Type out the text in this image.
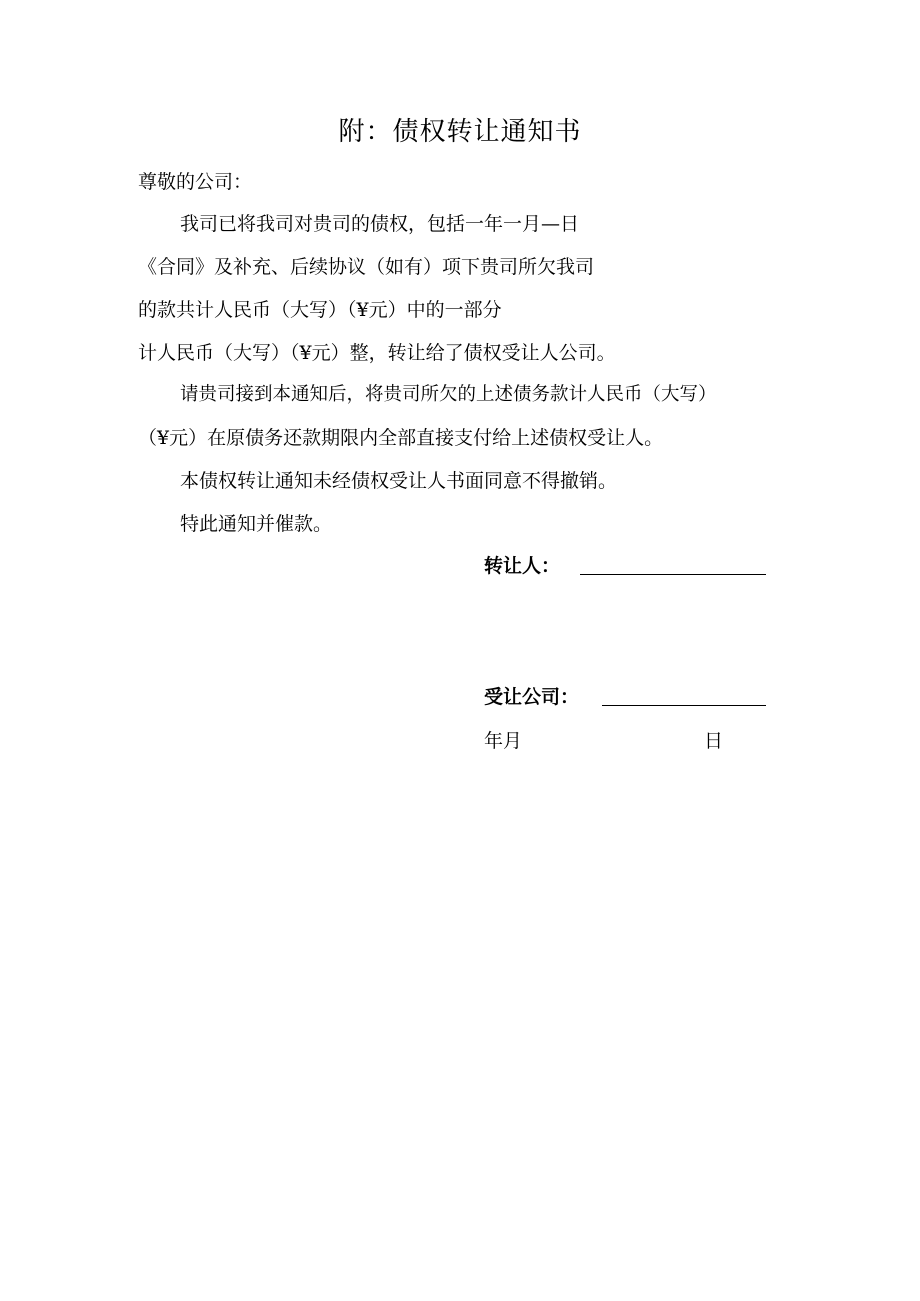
附：债权转让通知书
尊敬的公司：
我司已将我司对贵司的债权，包括一年一月—日
《合同》及补充、后续协议（如有）项下贵司所欠我司
的款共计人民币（大写）（¥元）中的一部分
计人民币（大写）（¥元）整，转让给了债权受让人公司。
请贵司接到本通知后，将贵司所欠的上述债务款计人民币（大写）
（¥元）在原债务还款期限内全部直接支付给上述债权受让人。
本债权转让通知未经债权受让人书面同意不得撤销。
特此通知并催款。
转让人：
受让公司：
年月	日
